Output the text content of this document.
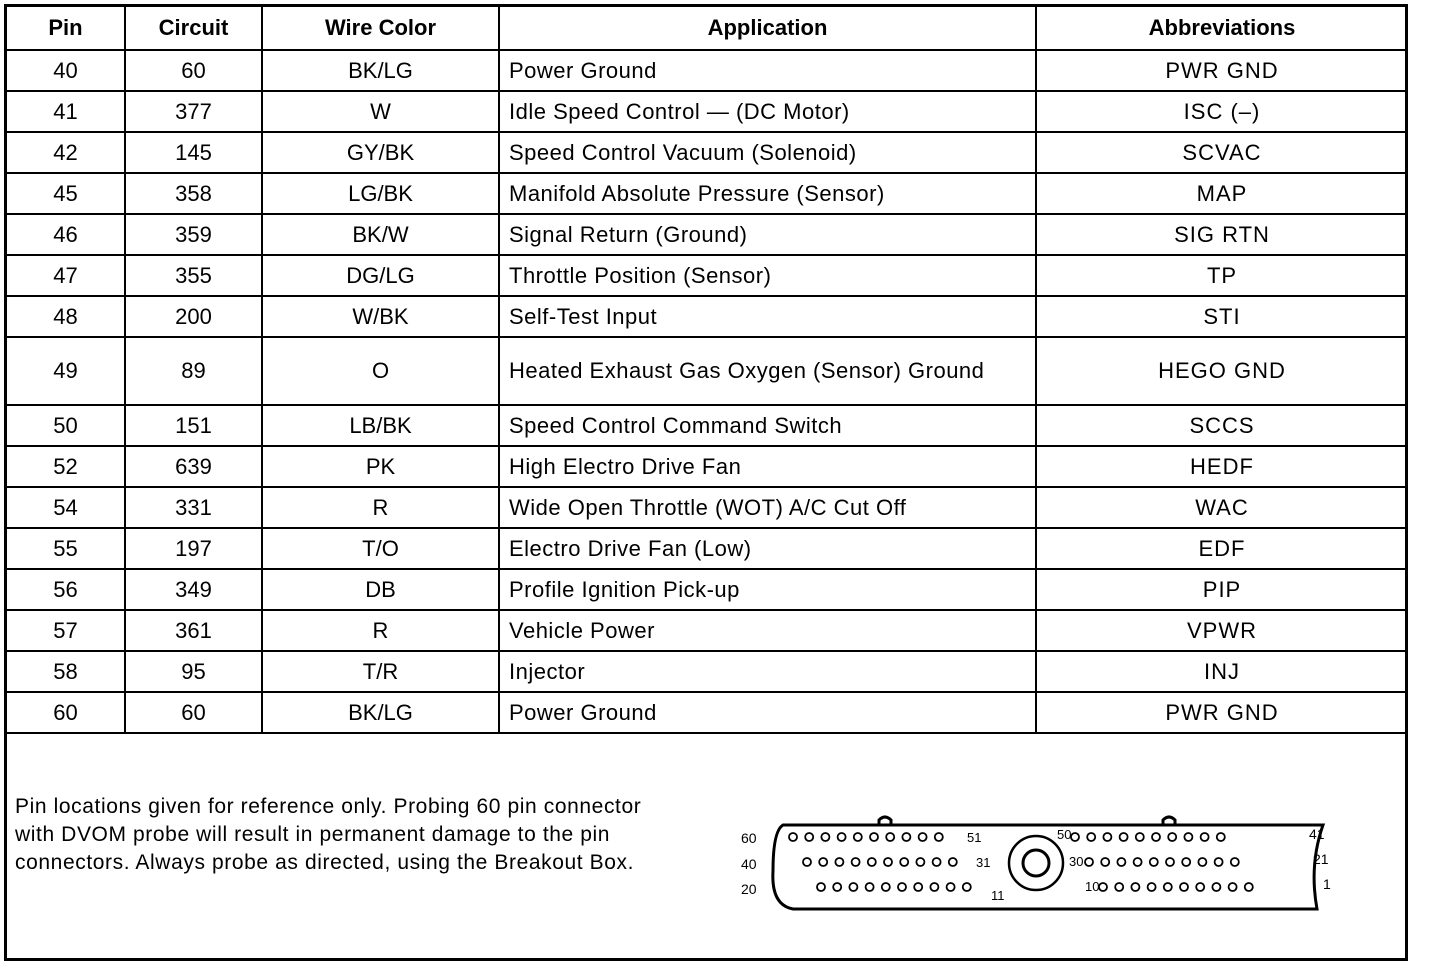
Pin	Circuit	Wire Color	Application	Abbreviations
40	60	BK/LG	Power Ground	PWR GND
41	377	W	Idle Speed Control — (DC Motor)	ISC (–)
42	145	GY/BK	Speed Control Vacuum (Solenoid)	SCVAC
45	358	LG/BK	Manifold Absolute Pressure (Sensor)	MAP
46	359	BK/W	Signal Return (Ground)	SIG RTN
47	355	DG/LG	Throttle Position (Sensor)	TP
48	200	W/BK	Self-Test Input	STI
49	89	O	Heated Exhaust Gas Oxygen (Sensor) Ground	HEGO GND
50	151	LB/BK	Speed Control Command Switch	SCCS
52	639	PK	High Electro Drive Fan	HEDF
54	331	R	Wide Open Throttle (WOT) A/C Cut Off	WAC
55	197	T/O	Electro Drive Fan (Low)	EDF
56	349	DB	Profile Ignition Pick-up	PIP
57	361	R	Vehicle Power	VPWR
58	95	T/R	Injector	INJ
60	60	BK/LG	Power Ground	PWR GND
Pin locations given for reference only. Probing 60 pin connector with DVOM probe will result in permanent damage to the pin connectors. Always probe as directed, using the Breakout Box.
60
40
20
41
21
1
51
31
11
50
30
10
